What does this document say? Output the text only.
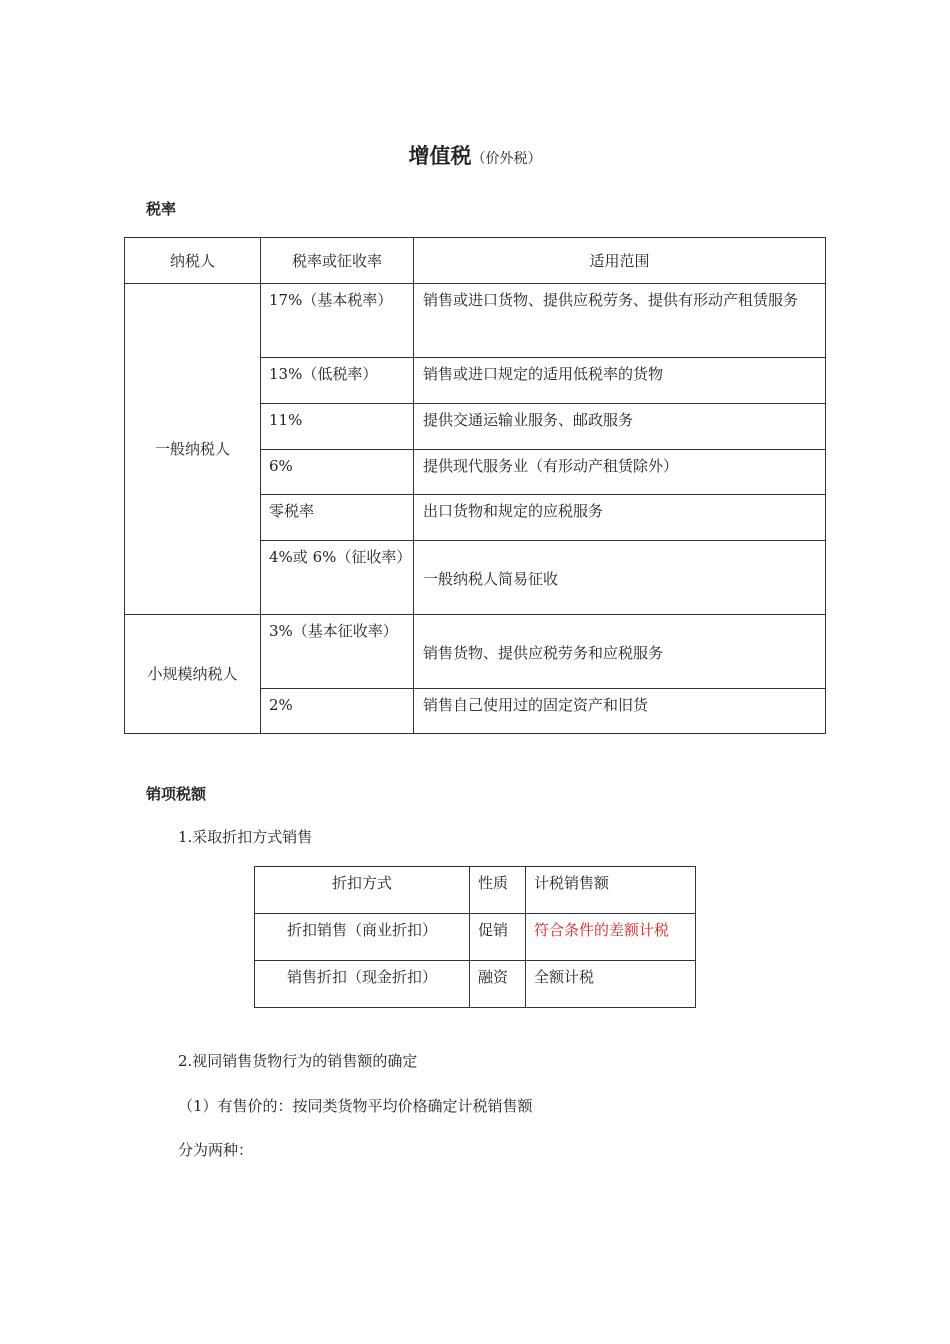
增值税（价外税）
税率
纳税人	税率或征收率	适用范围
一般纳税人	17%（基本税率）	销售或进口货物、提供应税劳务、提供有形动产租赁服务
	13%（低税率）	销售或进口规定的适用低税率的货物
	11%	提供交通运输业服务、邮政服务
	6%	提供现代服务业（有形动产租赁除外）
	零税率	出口货物和规定的应税服务
	4%或 6%（征收率）	一般纳税人简易征收
小规模纳税人	3%（基本征收率）	销售货物、提供应税劳务和应税服务
	2%	销售自己使用过的固定资产和旧货
销项税额
1.采取折扣方式销售
折扣方式	性质	计税销售额
折扣销售（商业折扣）	促销	符合条件的差额计税
销售折扣（现金折扣）	融资	全额计税
2.视同销售货物行为的销售额的确定
（1）有售价的：按同类货物平均价格确定计税销售额
分为两种：
